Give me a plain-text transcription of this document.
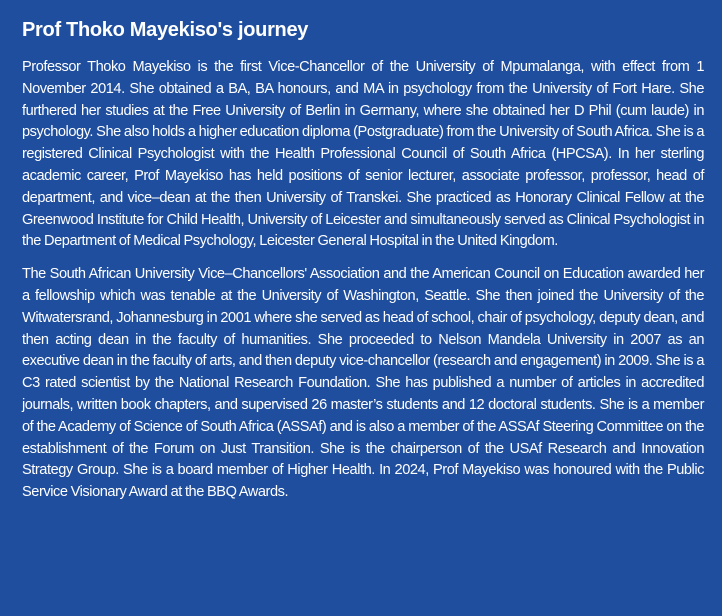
Prof Thoko Mayekiso's journey

Professor Thoko Mayekiso is the first Vice-Chancellor of the University of Mpumalanga, with effect from 1 November 2014. She obtained a BA, BA honours, and MA in psychology from the University of Fort Hare. She furthered her studies at the Free University of Berlin in Germany, where she obtained her D Phil (cum laude) in psychology. She also holds a higher education diploma (Postgraduate) from the University of South Africa. She is a registered Clinical Psychologist with the Health Professional Council of South Africa (HPCSA). In her sterling academic career, Prof Mayekiso has held positions of senior lecturer, associate professor, professor, head of department, and vice–dean at the then University of Transkei. She practiced as Honorary Clinical Fellow at the Greenwood Institute for Child Health, University of Leicester and simultaneously served as Clinical Psychologist in the Department of Medical Psychology, Leicester General Hospital in the United Kingdom.

The South African University Vice–Chancellors' Association and the American Council on Education awarded her a fellowship which was tenable at the University of Washington, Seattle. She then joined the University of the Witwatersrand, Johannesburg in 2001 where she served as head of school, chair of psychology, deputy dean, and then acting dean in the faculty of humanities. She proceeded to Nelson Mandela University in 2007 as an executive dean in the faculty of arts, and then deputy vice-chancellor (research and engagement) in 2009. She is a C3 rated scientist by the National Research Foundation. She has published a number of articles in accredited journals, written book chapters, and supervised 26 master’s students and 12 doctoral students. She is a member of the Academy of Science of South Africa (ASSAf) and is also a member of the ASSAf Steering Committee on the establishment of the Forum on Just Transition. She is the chairperson of the USAf Research and Innovation Strategy Group. She is a board member of Higher Health. In 2024, Prof Mayekiso was honoured with the Public Service Visionary Award at the BBQ Awards.
